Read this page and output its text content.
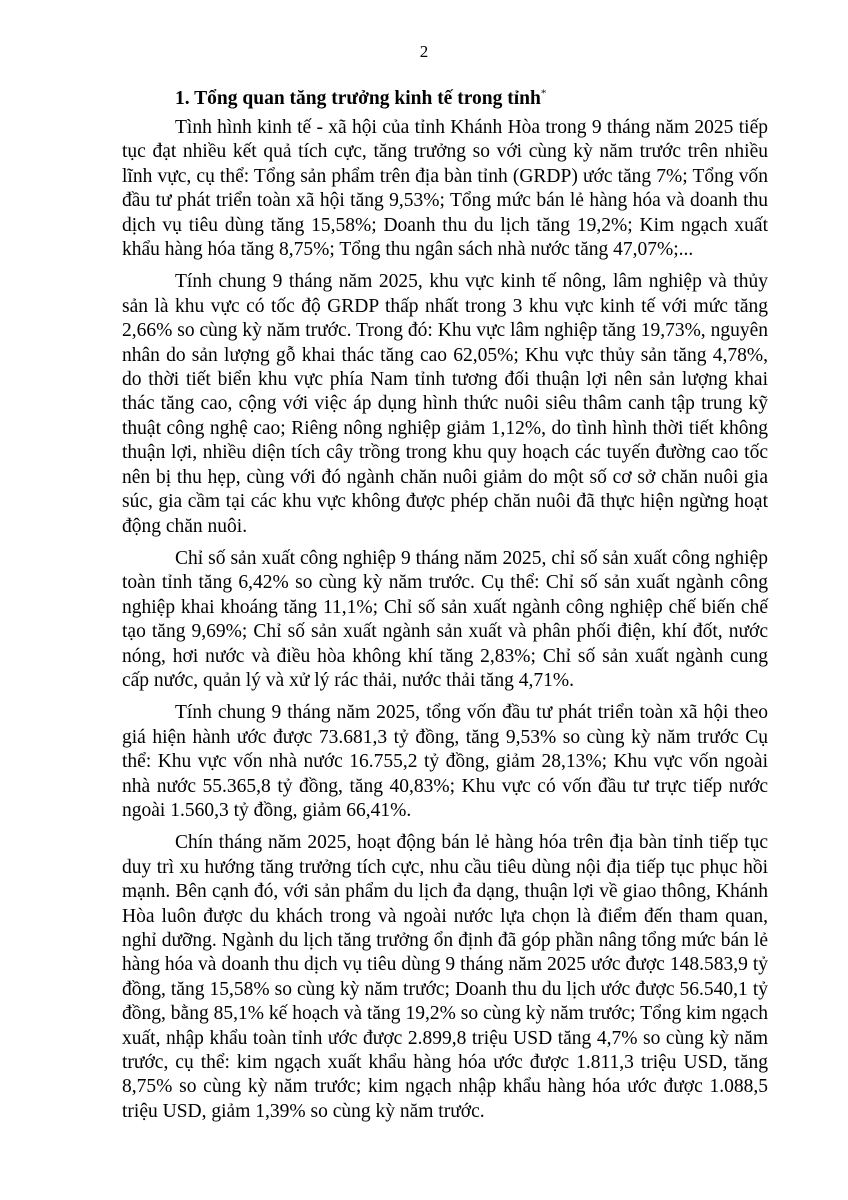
2
1. Tổng quan tăng trưởng kinh tế trong tỉnh*

Tình hình kinh tế - xã hội của tỉnh Khánh Hòa trong 9 tháng năm 2025 tiếp tục đạt nhiều kết quả tích cực, tăng trưởng so với cùng kỳ năm trước trên nhiều lĩnh vực, cụ thể: Tổng sản phẩm trên địa bàn tỉnh (GRDP) ước tăng 7%; Tổng vốn đầu tư phát triển toàn xã hội tăng 9,53%; Tổng mức bán lẻ hàng hóa và doanh thu dịch vụ tiêu dùng tăng 15,58%; Doanh thu du lịch tăng 19,2%; Kim ngạch xuất khẩu hàng hóa tăng 8,75%; Tổng thu ngân sách nhà nước tăng 47,07%;...

Tính chung 9 tháng năm 2025, khu vực kinh tế nông, lâm nghiệp và thủy sản là khu vực có tốc độ GRDP thấp nhất trong 3 khu vực kinh tế với mức tăng 2,66% so cùng kỳ năm trước. Trong đó: Khu vực lâm nghiệp tăng 19,73%, nguyên nhân do sản lượng gỗ khai thác tăng cao 62,05%; Khu vực thủy sản tăng 4,78%, do thời tiết biển khu vực phía Nam tỉnh tương đối thuận lợi nên sản lượng khai thác tăng cao, cộng với việc áp dụng hình thức nuôi siêu thâm canh tập trung kỹ thuật công nghệ cao; Riêng nông nghiệp giảm 1,12%, do tình hình thời tiết không thuận lợi, nhiều diện tích cây trồng trong khu quy hoạch các tuyến đường cao tốc nên bị thu hẹp, cùng với đó ngành chăn nuôi giảm do một số cơ sở chăn nuôi gia súc, gia cầm tại các khu vực không được phép chăn nuôi đã thực hiện ngừng hoạt động chăn nuôi.

Chỉ số sản xuất công nghiệp 9 tháng năm 2025, chỉ số sản xuất công nghiệp toàn tỉnh tăng 6,42% so cùng kỳ năm trước. Cụ thể: Chỉ số sản xuất ngành công nghiệp khai khoáng tăng 11,1%; Chỉ số sản xuất ngành công nghiệp chế biến chế tạo tăng 9,69%; Chỉ số sản xuất ngành sản xuất và phân phối điện, khí đốt, nước nóng, hơi nước và điều hòa không khí tăng 2,83%; Chỉ số sản xuất ngành cung cấp nước, quản lý và xử lý rác thải, nước thải tăng 4,71%.

Tính chung 9 tháng năm 2025, tổng vốn đầu tư phát triển toàn xã hội theo giá hiện hành ước được 73.681,3 tỷ đồng, tăng 9,53% so cùng kỳ năm trước Cụ thể: Khu vực vốn nhà nước 16.755,2 tỷ đồng, giảm 28,13%; Khu vực vốn ngoài nhà nước 55.365,8 tỷ đồng, tăng 40,83%; Khu vực có vốn đầu tư trực tiếp nước ngoài 1.560,3 tỷ đồng, giảm 66,41%.

Chín tháng năm 2025, hoạt động bán lẻ hàng hóa trên địa bàn tỉnh tiếp tục duy trì xu hướng tăng trưởng tích cực, nhu cầu tiêu dùng nội địa tiếp tục phục hồi mạnh. Bên cạnh đó, với sản phẩm du lịch đa dạng, thuận lợi về giao thông, Khánh Hòa luôn được du khách trong và ngoài nước lựa chọn là điểm đến tham quan, nghỉ dưỡng. Ngành du lịch tăng trưởng ổn định đã góp phần nâng tổng mức bán lẻ hàng hóa và doanh thu dịch vụ tiêu dùng 9 tháng năm 2025 ước được 148.583,9 tỷ đồng, tăng 15,58% so cùng kỳ năm trước; Doanh thu du lịch ước được 56.540,1 tỷ đồng, bằng 85,1% kế hoạch và tăng 19,2% so cùng kỳ năm trước; Tổng kim ngạch xuất, nhập khẩu toàn tỉnh ước được 2.899,8 triệu USD tăng 4,7% so cùng kỳ năm trước, cụ thể: kim ngạch xuất khẩu hàng hóa ước được 1.811,3 triệu USD, tăng 8,75% so cùng kỳ năm trước; kim ngạch nhập khẩu hàng hóa ước được 1.088,5 triệu USD, giảm 1,39% so cùng kỳ năm trước.
